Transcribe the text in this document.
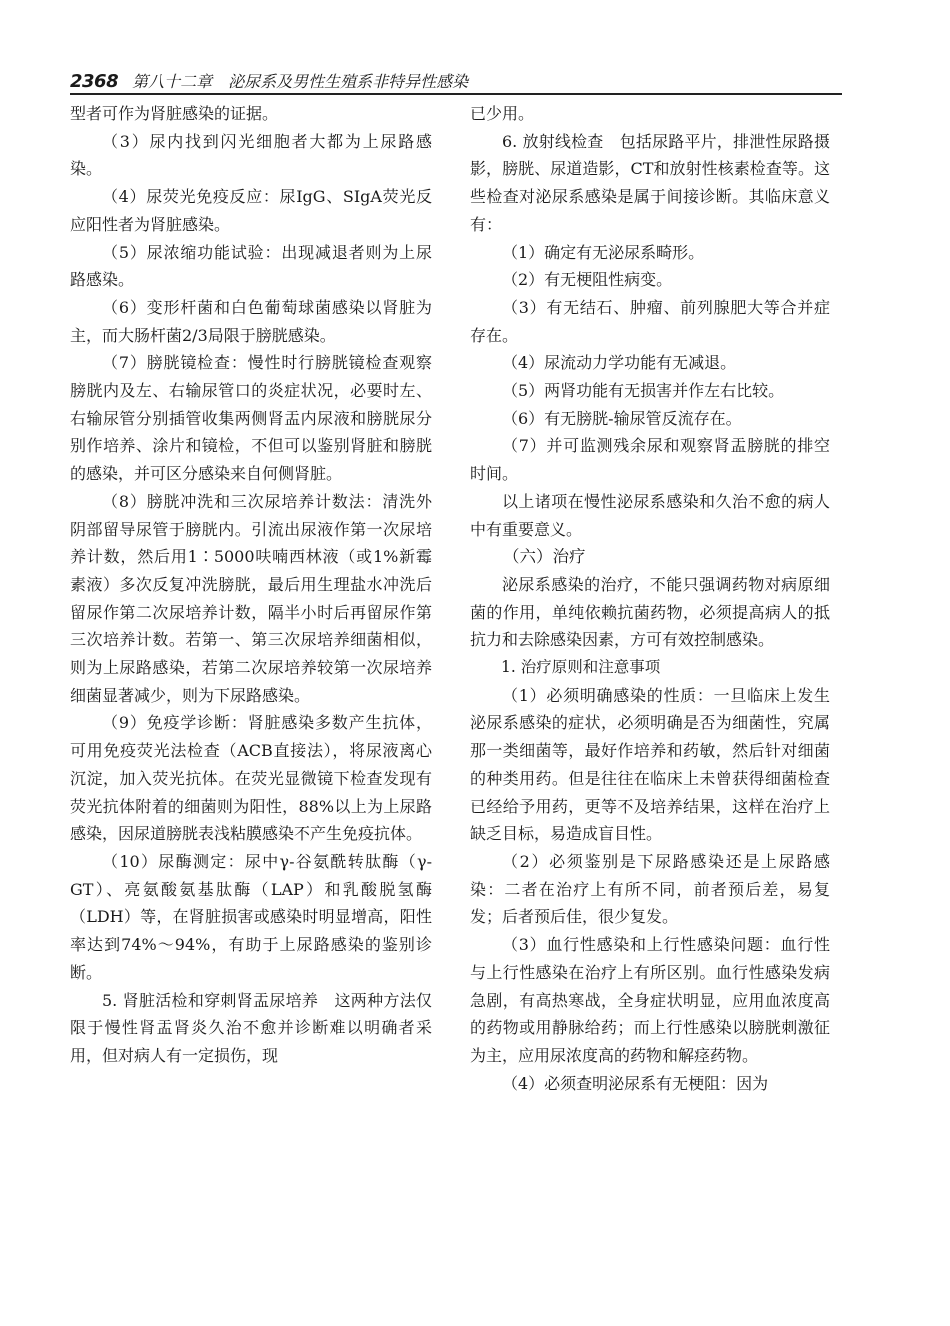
2368 第八十二章　泌尿系及男性生殖系非特异性感染

型者可作为肾脏感染的证据。

（3）尿内找到闪光细胞者大都为上尿路感染。

（4）尿荧光免疫反应：尿IgG、SIgA荧光反应阳性者为肾脏感染。

（5）尿浓缩功能试验：出现减退者则为上尿路感染。

（6）变形杆菌和白色葡萄球菌感染以肾脏为主，而大肠杆菌2/3局限于膀胱感染。

（7）膀胱镜检查：慢性时行膀胱镜检查观察膀胱内及左、右输尿管口的炎症状况，必要时左、右输尿管分别插管收集两侧肾盂内尿液和膀胱尿分别作培养、涂片和镜检，不但可以鉴别肾脏和膀胱的感染，并可区分感染来自何侧肾脏。

（8）膀胱冲洗和三次尿培养计数法：清洗外阴部留导尿管于膀胱内。引流出尿液作第一次尿培养计数，然后用1∶5000呋喃西林液（或1%新霉素液）多次反复冲洗膀胱，最后用生理盐水冲洗后留尿作第二次尿培养计数，隔半小时后再留尿作第三次培养计数。若第一、第三次尿培养细菌相似，则为上尿路感染，若第二次尿培养较第一次尿培养细菌显著减少，则为下尿路感染。

（9）免疫学诊断：肾脏感染多数产生抗体，可用免疫荧光法检查（ACB直接法），将尿液离心沉淀，加入荧光抗体。在荧光显微镜下检查发现有荧光抗体附着的细菌则为阳性，88%以上为上尿路感染，因尿道膀胱表浅粘膜感染不产生免疫抗体。

（10）尿酶测定：尿中γ-谷氨酰转肽酶（γ-GT）、亮氨酸氨基肽酶（LAP）和乳酸脱氢酶（LDH）等，在肾脏损害或感染时明显增高，阳性率达到74%～94%，有助于上尿路感染的鉴别诊断。

5. 肾脏活检和穿刺肾盂尿培养　这两种方法仅限于慢性肾盂肾炎久治不愈并诊断难以明确者采用，但对病人有一定损伤，现

已少用。

6. 放射线检查　包括尿路平片，排泄性尿路摄影，膀胱、尿道造影，CT和放射性核素检查等。这些检查对泌尿系感染是属于间接诊断。其临床意义有：

（1）确定有无泌尿系畸形。

（2）有无梗阻性病变。

（3）有无结石、肿瘤、前列腺肥大等合并症存在。

（4）尿流动力学功能有无减退。

（5）两肾功能有无损害并作左右比较。

（6）有无膀胱-输尿管反流存在。

（7）并可监测残余尿和观察肾盂膀胱的排空时间。

以上诸项在慢性泌尿系感染和久治不愈的病人中有重要意义。

（六）治疗

泌尿系感染的治疗，不能只强调药物对病原细菌的作用，单纯依赖抗菌药物，必须提高病人的抵抗力和去除感染因素，方可有效控制感染。

1. 治疗原则和注意事项

（1）必须明确感染的性质：一旦临床上发生泌尿系感染的症状，必须明确是否为细菌性，究属那一类细菌等，最好作培养和药敏，然后针对细菌的种类用药。但是往往在临床上未曾获得细菌检查已经给予用药，更等不及培养结果，这样在治疗上缺乏目标，易造成盲目性。

（2）必须鉴别是下尿路感染还是上尿路感染：二者在治疗上有所不同，前者预后差，易复发；后者预后佳，很少复发。

（3）血行性感染和上行性感染问题：血行性与上行性感染在治疗上有所区别。血行性感染发病急剧，有高热寒战，全身症状明显，应用血浓度高的药物或用静脉给药；而上行性感染以膀胱刺激征为主，应用尿浓度高的药物和解痉药物。

（4）必须查明泌尿系有无梗阻：因为
